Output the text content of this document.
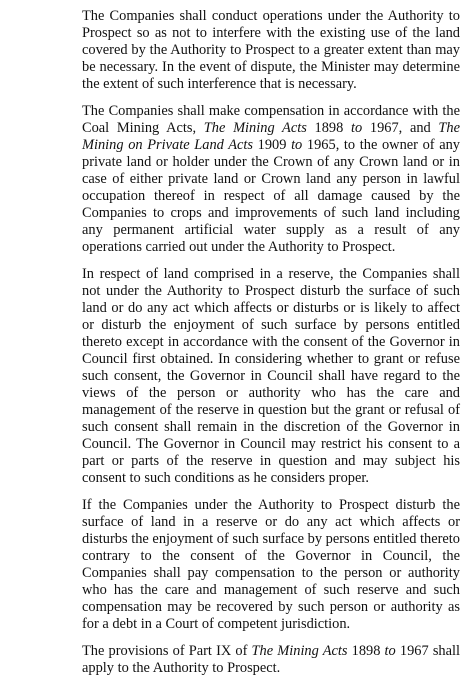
The Companies shall conduct operations under the Authority to Prospect so as not to interfere with the existing use of the land covered by the Authority to Prospect to a greater extent than may be necessary. In the event of dispute, the Minister may determine the extent of such interference that is necessary.

The Companies shall make compensation in accordance with the Coal Mining Acts, The Mining Acts 1898 to 1967, and The Mining on Private Land Acts 1909 to 1965, to the owner of any private land or holder under the Crown of any Crown land or in case of either private land or Crown land any person in lawful occupation thereof in respect of all damage caused by the Companies to crops and improvements of such land including any permanent artificial water supply as a result of any operations carried out under the Authority to Prospect.

In respect of land comprised in a reserve, the Companies shall not under the Authority to Prospect disturb the surface of such land or do any act which affects or disturbs or is likely to affect or disturb the enjoyment of such surface by persons entitled thereto except in accordance with the consent of the Governor in Council first obtained. In considering whether to grant or refuse such consent, the Governor in Council shall have regard to the views of the person or authority who has the care and management of the reserve in question but the grant or refusal of such consent shall remain in the discretion of the Governor in Council. The Governor in Council may restrict his consent to a part or parts of the reserve in question and may subject his consent to such conditions as he considers proper.

If the Companies under the Authority to Prospect disturb the surface of land in a reserve or do any act which affects or disturbs the enjoyment of such surface by persons entitled thereto contrary to the consent of the Governor in Council, the Companies shall pay compensation to the person or authority who has the care and management of such reserve and such compensation may be recovered by such person or authority as for a debt in a Court of competent jurisdiction.

The provisions of Part IX of The Mining Acts 1898 to 1967 shall apply to the Authority to Prospect.
